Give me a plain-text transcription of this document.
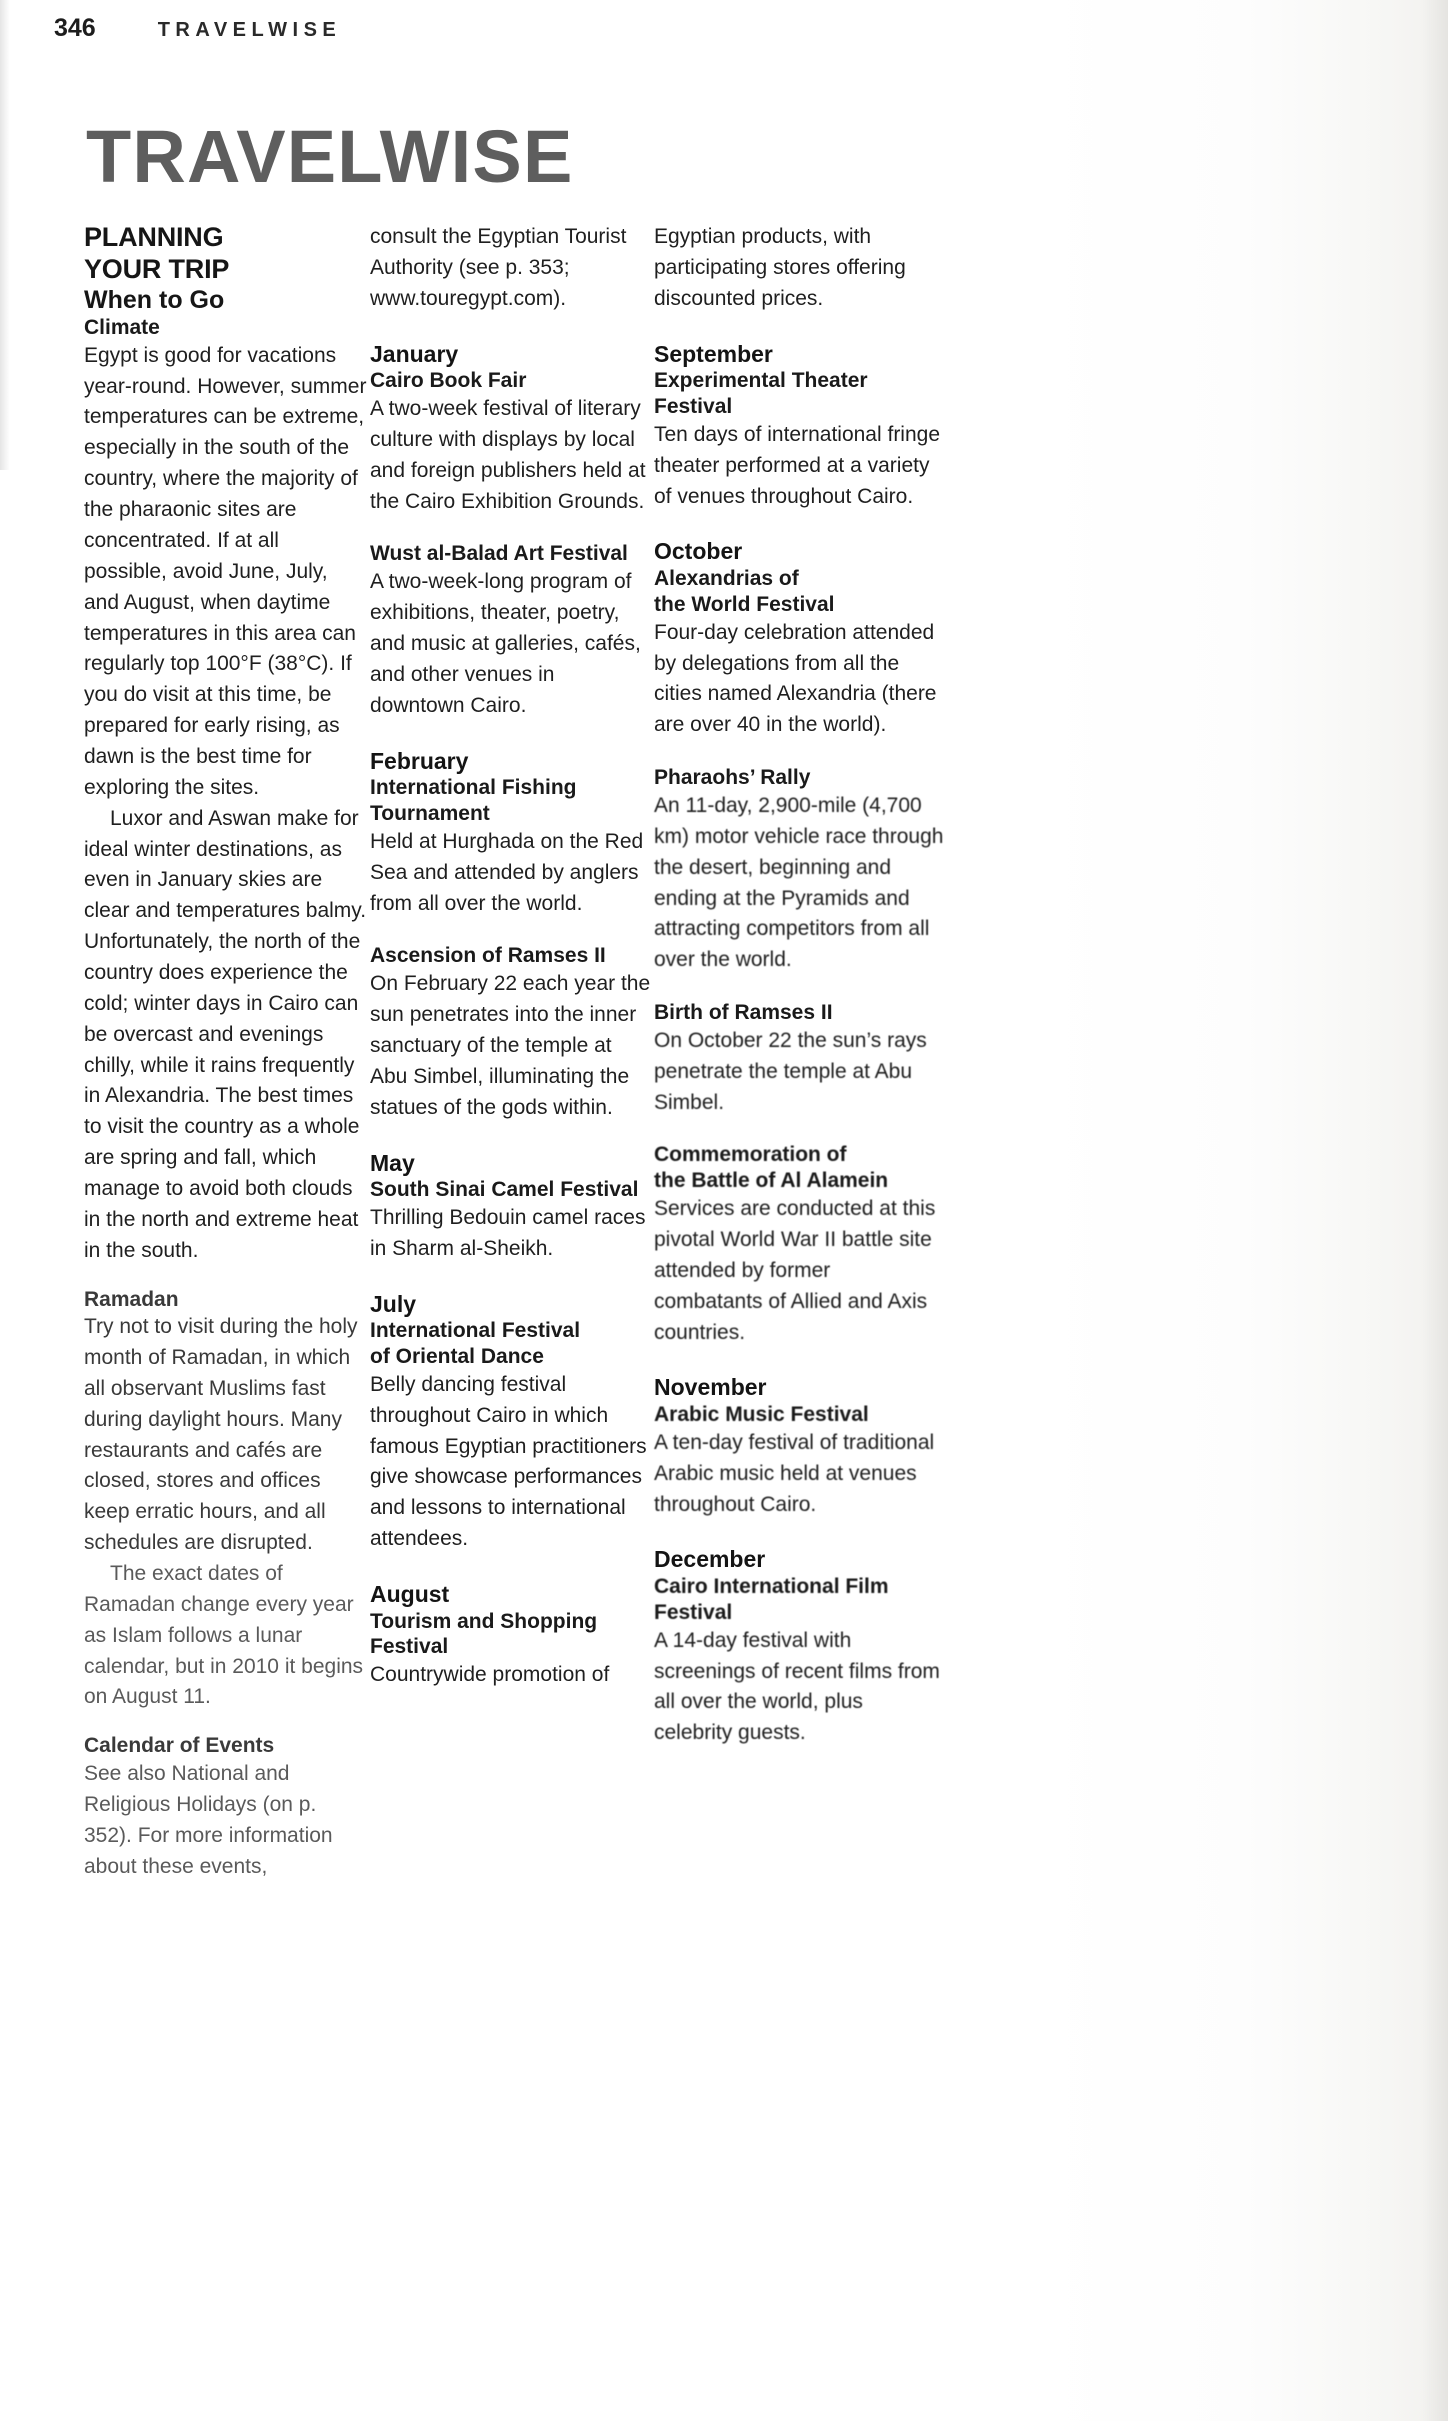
346	TRAVELWISE
TRAVELWISE
PLANNING
YOUR TRIP
When to Go
Climate

Egypt is good for vacations year-round. However, summer temperatures can be extreme, especially in the south of the country, where the majority of the pharaonic sites are concentrated. If at all possible, avoid June, July, and August, when daytime temperatures in this area can regularly top 100°F (38°C). If you do visit at this time, be prepared for early rising, as dawn is the best time for exploring the sites.

Luxor and Aswan make for ideal winter destinations, as even in January skies are clear and temperatures balmy. Unfortunately, the north of the country does experience the cold; winter days in Cairo can be overcast and evenings chilly, while it rains frequently in Alexandria. The best times to visit the country as a whole are spring and fall, which manage to avoid both clouds in the north and extreme heat in the south.

Ramadan

Try not to visit during the holy month of Ramadan, in which all observant Muslims fast during daylight hours. Many restaurants and cafés are closed, stores and offices keep erratic hours, and all schedules are disrupted.

The exact dates of Ramadan change every year as Islam follows a lunar calendar, but in 2010 it begins on August 11.

Calendar of Events

See also National and Religious Holidays (on p. 352). For more information about these events,

consult the Egyptian Tourist Authority (see p. 353; www.touregypt.com).

January
Cairo Book Fair

A two-week festival of literary culture with displays by local and foreign publishers held at the Cairo Exhibition Grounds.

Wust al-Balad Art Festival

A two-week-long program of exhibitions, theater, poetry, and music at galleries, cafés, and other venues in downtown Cairo.

February
International Fishing
Tournament

Held at Hurghada on the Red Sea and attended by anglers from all over the world.

Ascension of Ramses II

On February 22 each year the sun penetrates into the inner sanctuary of the temple at Abu Simbel, illuminating the statues of the gods within.

May
South Sinai Camel Festival

Thrilling Bedouin camel races in Sharm al-Sheikh.

July
International Festival
of Oriental Dance

Belly dancing festival throughout Cairo in which famous Egyptian practitioners give showcase performances and lessons to international attendees.

August
Tourism and Shopping Festival

Countrywide promotion of

Egyptian products, with participating stores offering discounted prices.

September
Experimental Theater Festival

Ten days of international fringe theater performed at a variety of venues throughout Cairo.

October
Alexandrias of
the World Festival

Four-day celebration attended by delegations from all the cities named Alexandria (there are over 40 in the world).

Pharaohs’ Rally

An 11-day, 2,900-mile (4,700 km) motor vehicle race through the desert, beginning and ending at the Pyramids and attracting competitors from all over the world.

Birth of Ramses II

On October 22 the sun’s rays penetrate the temple at Abu Simbel.

Commemoration of
the Battle of Al Alamein

Services are conducted at this pivotal World War II battle site attended by former combatants of Allied and Axis countries.

November
Arabic Music Festival

A ten-day festival of traditional Arabic music held at venues throughout Cairo.

December
Cairo International Film
Festival

A 14-day festival with screenings of recent films from all over the world, plus celebrity guests.
